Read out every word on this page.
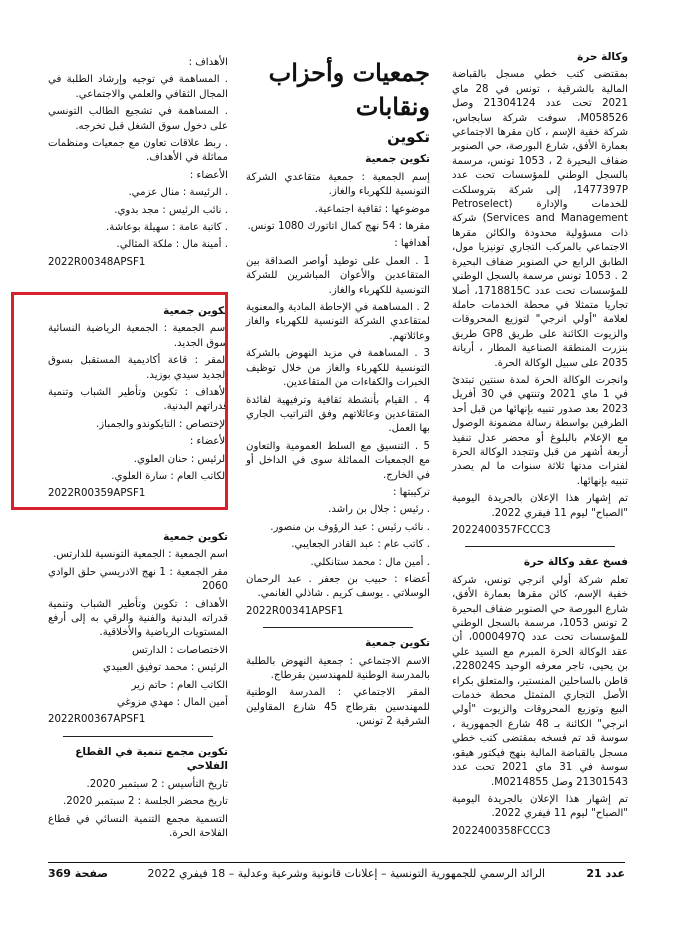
وكالة حرة

بمقتضى كتب خطي مسجل بالقباضة المالية بالشرقية ، تونس في 28 ماي 2021 تحت عدد 21304124 وصل M058526، سوفت شركة سابجاس، شركة خفية الإسم ، كان مقرها الاجتماعي بعمارة الأفق، شارع البورصة، حي الصنوبر ضفاف البحيرة 2 ، 1053 تونس، مرسمة بالسجل الوطني للمؤسسات تحت عدد 1477397P، إلى شركة بتروسلكت للخدمات والإدارة (Petroselect Services and Management) شركة ذات مسؤولية محدودة والكائن مقرها الاجتماعي بالمركب التجاري تونيزيا مول، الطابق الرابع حي الصنوبر ضفاف البحيرة 2 . 1053 تونس مرسمة بالسجل الوطني للمؤسسات تحت عدد 1718815C، أصلا تجاريا متمثلا في محطة الخدمات حاملة لعلامة "أولي انرجي" لتوزيع المحروقات والزيوت الكائنة على طريق GP8 طريق بنزرت المنطقة الصناعية المطار ، أريانة 2035 على سبيل الوكالة الحرة.

وانجرت الوكالة الحرة لمدة سنتين تبتدئ في 1 ماي 2021 وتنتهي في 30 أفريل 2023 بعد صدور تنبيه بإنهائها من قبل أحد الطرفين بواسطة رسالة مضمونة الوصول مع الإعلام بالبلوغ أو محضر عدل تنفيذ أربعة أشهر من قبل وتتجدد الوكالة الحرة لفترات مدتها ثلاثة سنوات ما لم يصدر تنبيه بإنهائها.

تم إشهار هذا الإعلان بالجريدة اليومية "الصباح" ليوم 11 فيفري 2022.

2022400357FCCC3
فسخ عقد وكالة حرة

تعلم شركة أولي انرجي تونس، شركة خفية الإسم، كائن مقرها بعمارة الأفق، شارع البورصة حي الصنوبر ضفاف البحيرة 2 تونس 1053، مرسمة بالسجل الوطني للمؤسسات تحت عدد 0000497Q، أن عقد الوكالة الحرة المبرم مع السيد علي بن يحيى، تاجر معرفه الوحيد 228024S، قاطن بالساحلين المنستير، والمتعلق بكراء الأصل التجاري المتمثل محطة خدمات البيع وتوزيع المحروقات والزيوت "أولي انرجي" الكائنة بـ 48 شارع الجمهورية ، سوسة قد تم فسخه بمقتضى كتب خطي مسجل بالقباضة المالية بنهج فيكتور هيقو، سوسة في 31 ماي 2021 تحت عدد 21301543 وصل M0214855.

تم إشهار هذا الإعلان بالجريدة اليومية "الصباح" ليوم 11 فيفري 2022.

2022400358FCCC3
جمعيات وأحزاب
ونقابات
تكوين
تكوين جمعية

إسم الجمعية : جمعية متقاعدي الشركة التونسية للكهرباء والغاز.

موضوعها : ثقافية اجتماعية.

مقرها : 54 نهج كمال اتاتورك 1080 تونس.

أهدافها :

1 . العمل على توطيد أواصر الصداقة بين المتقاعدين والأعوان المباشرين للشركة التونسية للكهرباء والغاز.

2 . المساهمة في الإحاطة المادية والمعنوية لمتقاعدي الشركة التونسية للكهرباء والغاز وعائلاتهم.

3 . المساهمة في مزيد النهوض بالشركة التونسية للكهرباء والغاز من خلال توظيف الخبرات والكفاءات من المتقاعدين.

4 . القيام بأنشطة ثقافية وترفيهية لفائدة المتقاعدين وعائلاتهم وفق التراتيب الجاري بها العمل.

5 . التنسيق مع السلط العمومية والتعاون مع الجمعيات المماثلة سوى في الداخل أو في الخارج.

تركيبتها :

. رئيس : جلال بن راشد.

. نائب رئيس : عبد الرؤوف بن منصور.

. كاتب عام : عبد القادر الجعايبي.

. أمين مال : محمد ستانكلي.

أعضاء : حبيب بن جعفر . عبد الرحمان الوسلاتي . يوسف كريم . شاذلي الغانمي.

2022R00341APSF1
تكوين جمعية

الاسم الاجتماعي : جمعية النهوض بالطلبة بالمدرسة الوطنية للمهندسين بقرطاج.

المقر الاجتماعي : المدرسة الوطنية للمهندسين بقرطاج 45 شارع المقاولين الشرقية 2 تونس.

الأهداف :

. المساهمة في توجيه وإرشاد الطلبة في المجال الثقافي والعلمي والاجتماعي.

. المساهمة في تشجيع الطالب التونسي على دخول سوق الشغل قبل تخرجه.

. ربط علاقات تعاون مع جمعيات ومنظمات مماثلة في الأهداف.

الأعضاء :

. الرئيسة : منال عزمي.

. نائب الرئيس : مجد بدوي.

. كاتبة عامة : سهيلة بوعاشة.

. أمينة مال : ملكة المثالي.

2022R00348APSF1
تكوين جمعية

إسم الجمعية : الجمعية الرياضية النسائية سوق الجديد.

المقر : قاعة أكاديمية المستقبل بسوق الجديد سيدي بوزيد.

الأهداف : تكوين وتأطير الشباب وتنمية قدراتهم البدنية.

الإختصاص : التايكوندو والجمباز.

الأعضاء :

الرئيس : حنان العلوي.

الكاتب العام : سارة العلوي.

2022R00359APSF1
تكوين جمعية

اسم الجمعية : الجمعية التونسية للدارتس.

مقر الجمعية : 1 نهج الادريسي حلق الوادي 2060

الأهداف : تكوين وتأطير الشباب وتنمية قدراته البدنية والفنية والرقي به إلى أرفع المستويات الرياضية والأخلاقية.

الاختصاصات : الدارتس

الرئيس : محمد توفيق العبيدي

الكاتب العام : حاتم زير

أمين المال : مهدي مزوغي

2022R00367APSF1
تكوين مجمع تنمية في القطاع الفلاحي

تاريخ التأسيس : 2 سبتمبر 2020.

تاريخ محضر الجلسة : 2 سبتمبر 2020.

التسمية مجمع التنمية النسائي في قطاع الفلاحة الحرة.

عدد 21
الرائد الرسمي للجمهورية التونسية – إعلانات قانونية وشرعية وعدلية – 18 فيفري 2022
صفحة 369
